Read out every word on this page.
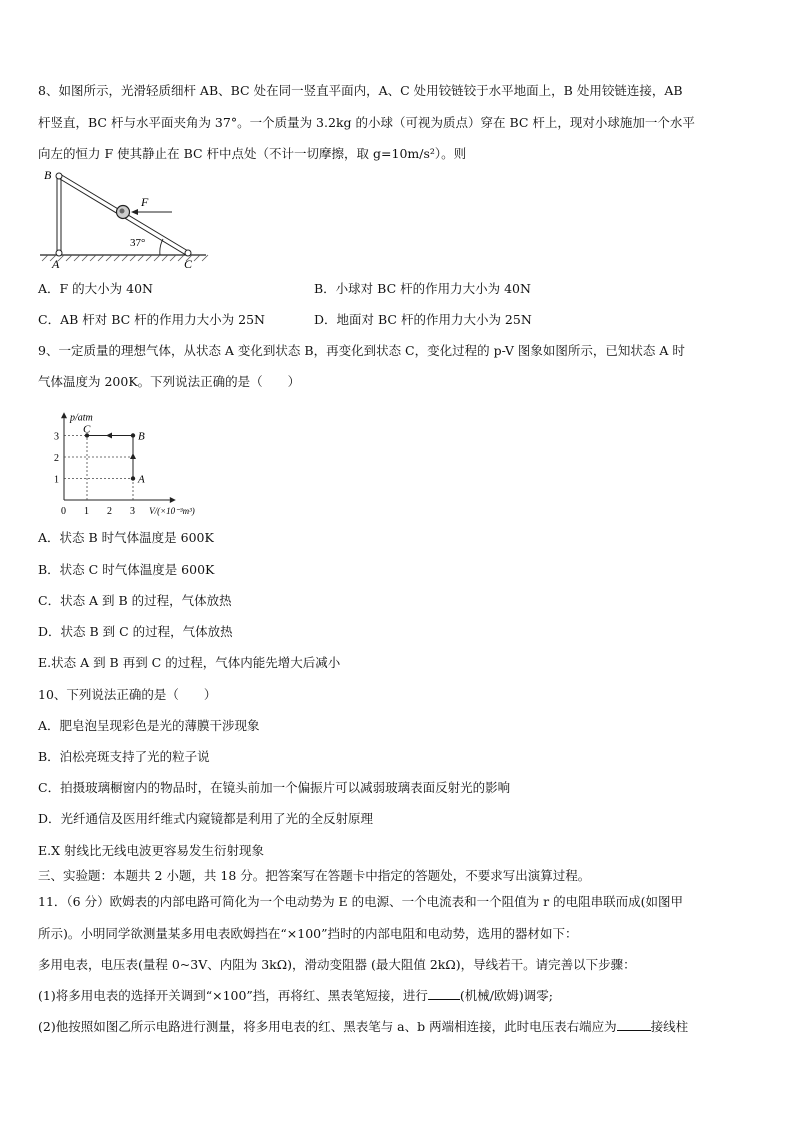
8、如图所示，光滑轻质细杆 AB、BC 处在同一竖直平面内，A、C 处用铰链铰于水平地面上，B 处用铰链连接，AB
杆竖直，BC 杆与水平面夹角为 37°。一个质量为 3.2kg 的小球（可视为质点）穿在 BC 杆上，现对小球施加一个水平
向左的恒力 F 使其静止在 BC 杆中点处（不计一切摩擦，取 g=10m/s²）。则
B
A	C
F
37°
A．F 的大小为 40N	B．小球对 BC 杆的作用力大小为 40N
C．AB 杆对 BC 杆的作用力大小为 25N	D．地面对 BC 杆的作用力大小为 25N
9、一定质量的理想气体，从状态 A 变化到状态 B，再变化到状态 C，变化过程的 p-V 图象如图所示，已知状态 A 时
气体温度为 200K。下列说法正确的是（　　）
p/atm
V/(×10⁻³m³)
0 1 2 3
1
2
3
A
B
C
A．状态 B 时气体温度是 600K
B．状态 C 时气体温度是 600K
C．状态 A 到 B 的过程，气体放热
D．状态 B 到 C 的过程，气体放热
E.状态 A 到 B 再到 C 的过程，气体内能先增大后减小
10、下列说法正确的是（　　）
A．肥皂泡呈现彩色是光的薄膜干涉现象
B．泊松亮斑支持了光的粒子说
C．拍摄玻璃橱窗内的物品时，在镜头前加一个偏振片可以减弱玻璃表面反射光的影响
D．光纤通信及医用纤维式内窥镜都是利用了光的全反射原理
E.X 射线比无线电波更容易发生衍射现象
三、实验题：本题共 2 小题，共 18 分。把答案写在答题卡中指定的答题处，不要求写出演算过程。
11．（6 分）欧姆表的内部电路可简化为一个电动势为 E 的电源、一个电流表和一个阻值为 r 的电阻串联而成(如图甲
所示)。小明同学欲测量某多用电表欧姆挡在“×100”挡时的内部电阻和电动势，选用的器材如下：
多用电表，电压表(量程 0~3V、内阻为 3kΩ)，滑动变阻器 (最大阻值 2kΩ)，导线若干。请完善以下步骤：
(1)将多用电表的选择开关调到“×100”挡，再将红、黑表笔短接，进行	(机械/欧姆)调零;
(2)他按照如图乙所示电路进行测量，将多用电表的红、黑表笔与 a、b 两端相连接，此时电压表右端应为	接线柱
